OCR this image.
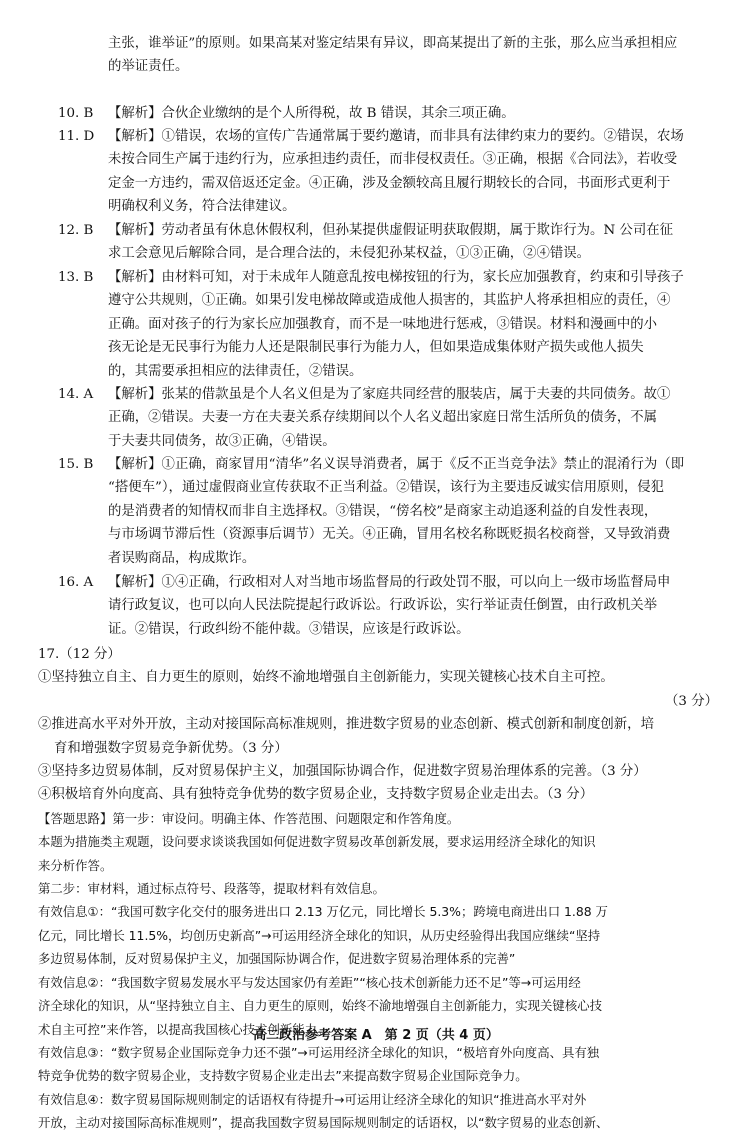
主张，谁举证”的原则。如果高某对鉴定结果有异议，即高某提出了新的主张，那么应当承担相应
的举证责任。
10. B	【解析】合伙企业缴纳的是个人所得税，故 B 错误，其余三项正确。
11. D	【解析】①错误，农场的宣传广告通常属于要约邀请，而非具有法律约束力的要约。②错误，农场
未按合同生产属于违约行为，应承担违约责任，而非侵权责任。③正确，根据《合同法》，若收受
定金一方违约，需双倍返还定金。④正确，涉及金额较高且履行期较长的合同，书面形式更利于
明确权利义务，符合法律建议。
12. B	【解析】劳动者虽有休息休假权利，但孙某提供虚假证明获取假期，属于欺诈行为。N 公司在征
求工会意见后解除合同，是合理合法的，未侵犯孙某权益，①③正确，②④错误。
13. B	【解析】由材料可知，对于未成年人随意乱按电梯按钮的行为，家长应加强教育，约束和引导孩子
遵守公共规则，①正确。如果引发电梯故障或造成他人损害的，其监护人将承担相应的责任，④
正确。面对孩子的行为家长应加强教育，而不是一味地进行惩戒，③错误。材料和漫画中的小
孩无论是无民事行为能力人还是限制民事行为能力人，但如果造成集体财产损失或他人损失
的，其需要承担相应的法律责任，②错误。
14. A	【解析】张某的借款虽是个人名义但是为了家庭共同经营的服装店，属于夫妻的共同债务。故①
正确，②错误。夫妻一方在夫妻关系存续期间以个人名义超出家庭日常生活所负的债务，不属
于夫妻共同债务，故③正确，④错误。
15. B	【解析】①正确，商家冒用“清华”名义误导消费者，属于《反不正当竞争法》禁止的混淆行为（即
“搭便车”），通过虚假商业宣传获取不正当利益。②错误，该行为主要违反诚实信用原则，侵犯
的是消费者的知情权而非自主选择权。③错误，“傍名校”是商家主动追逐利益的自发性表现，
与市场调节滞后性（资源事后调节）无关。④正确，冒用名校名称既贬损名校商誉，又导致消费
者误购商品，构成欺诈。
16. A	【解析】①④正确，行政相对人对当地市场监督局的行政处罚不服，可以向上一级市场监督局申
请行政复议，也可以向人民法院提起行政诉讼。行政诉讼，实行举证责任倒置，由行政机关举
证。②错误，行政纠纷不能仲裁。③错误，应该是行政诉讼。
17.（12 分）
①坚持独立自主、自力更生的原则，始终不渝地增强自主创新能力，实现关键核心技术自主可控。
（3 分）
②推进高水平对外开放，主动对接国际高标准规则，推进数字贸易的业态创新、模式创新和制度创新，培
育和增强数字贸易竞争新优势。（3 分）
③坚持多边贸易体制，反对贸易保护主义，加强国际协调合作，促进数字贸易治理体系的完善。（3 分）
④积极培育外向度高、具有独特竞争优势的数字贸易企业，支持数字贸易企业走出去。（3 分）
【答题思路】第一步：审设问。明确主体、作答范围、问题限定和作答角度。
本题为措施类主观题，设问要求谈谈我国如何促进数字贸易改革创新发展，要求运用经济全球化的知识
来分析作答。
第二步：审材料，通过标点符号、段落等，提取材料有效信息。
有效信息①：“我国可数字化交付的服务进出口 2.13 万亿元，同比增长 5.3%；跨境电商进出口 1.88 万
亿元，同比增长 11.5%，均创历史新高”→可运用经济全球化的知识，从历史经验得出我国应继续“坚持
多边贸易体制，反对贸易保护主义，加强国际协调合作，促进数字贸易治理体系的完善”
有效信息②：“我国数字贸易发展水平与发达国家仍有差距”“核心技术创新能力还不足”等→可运用经
济全球化的知识，从“坚持独立自主、自力更生的原则，始终不渝地增强自主创新能力，实现关键核心技
术自主可控”来作答，以提高我国核心技术创新能力。
有效信息③：“数字贸易企业国际竞争力还不强”→可运用经济全球化的知识，“极培育外向度高、具有独
特竞争优势的数字贸易企业，支持数字贸易企业走出去”来提高数字贸易企业国际竞争力。
有效信息④：数字贸易国际规则制定的话语权有待提升→可运用让经济全球化的知识“推进高水平对外
开放，主动对接国际高标准规则”，提高我国数字贸易国际规则制定的话语权，以“数字贸易的业态创新、
高二政治参考答案 A　第 2 页（共 4 页）
